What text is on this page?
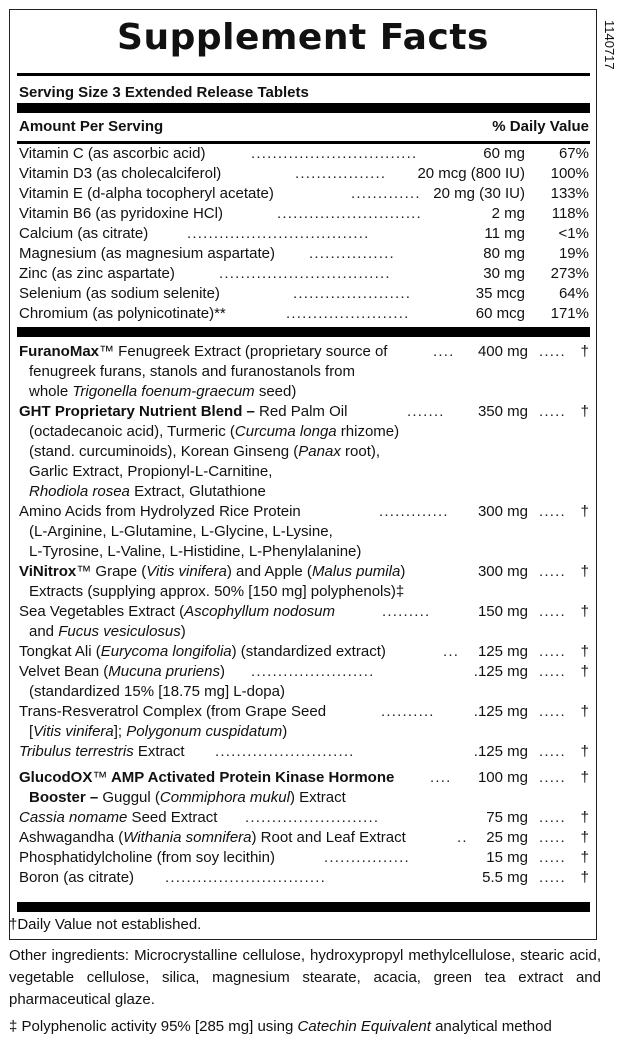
Supplement Facts
Serving Size 3 Extended Release Tablets
Amount Per Serving	% Daily Value
Vitamin C (as ascorbic acid)	...............................	60 mg 67%
Vitamin D3 (as cholecalciferol)	................. 20 mcg (800 IU) 100%
Vitamin E (d-alpha tocopheryl acetate)	............. 20 mg (30 IU) 133%
Vitamin B6 (as pyridoxine HCl)	...........................	2 mg 118%
Calcium (as citrate)	..................................	11 mg <1%
Magnesium (as magnesium aspartate) ................	80 mg 19%
Zinc (as zinc aspartate)	................................	30 mg 273%
Selenium (as sodium selenite)	......................	35 mcg 64%
Chromium (as polynicotinate)**	.......................	60 mcg 171%
FuranoMax™ Fenugreek Extract (proprietary source of	.... 400 mg ..... †
fenugreek furans, stanols and furanostanols from
whole Trigonella foenum-graecum seed)
GHT Proprietary Nutrient Blend – Red Palm Oil	....... 350 mg ..... †
(octadecanoic acid), Turmeric (Curcuma longa rhizome)
(stand. curcuminoids), Korean Ginseng (Panax root),
Garlic Extract, Propionyl-L-Carnitine,
Rhodiola rosea Extract, Glutathione
Amino Acids from Hydrolyzed Rice Protein	............. 300 mg ..... †
(L-Arginine, L-Glutamine, L-Glycine, L-Lysine,
L-Tyrosine, L-Valine, L-Histidine, L-Phenylalanine)
ViNitrox™ Grape (Vitis vinifera) and Apple (Malus pumila)	300 mg ..... †
Extracts (supplying approx. 50% [150 mg] polyphenols)‡
Sea Vegetables Extract (Ascophyllum nodosum	.........	150 mg ..... †
and Fucus vesiculosus)
Tongkat Ali (Eurycoma longifolia) (standardized extract)	... 125 mg ..... †
Velvet Bean (Mucuna pruriens) .......................	.125 mg ..... †
(standardized 15% [18.75 mg] L-dopa)
Trans-Resveratrol Complex (from Grape Seed	..........	.125 mg ..... †
[Vitis vinifera]; Polygonum cuspidatum)
Tribulus terrestris Extract ..........................	.125 mg ..... †
GlucodOX™ AMP Activated Protein Kinase Hormone .... 100 mg ..... †
Booster – Guggul (Commiphora mukul) Extract
Cassia nomame Seed Extract .........................	75 mg ..... †
Ashwagandha (Withania somnifera) Root and Leaf Extract	.. 25 mg ..... †
Phosphatidylcholine (from soy lecithin)	................	15 mg ..... †
Boron (as citrate) ..............................	5.5 mg ..... †
†Daily Value not established.
1140717
Other ingredients: Microcrystalline cellulose, hydroxypropyl methylcellulose, stearic acid, vegetable cellulose, silica, magnesium stearate, acacia, green tea extract and pharmaceutical glaze.
‡ Polyphenolic activity 95% [285 mg] using Catechin Equivalent analytical method
